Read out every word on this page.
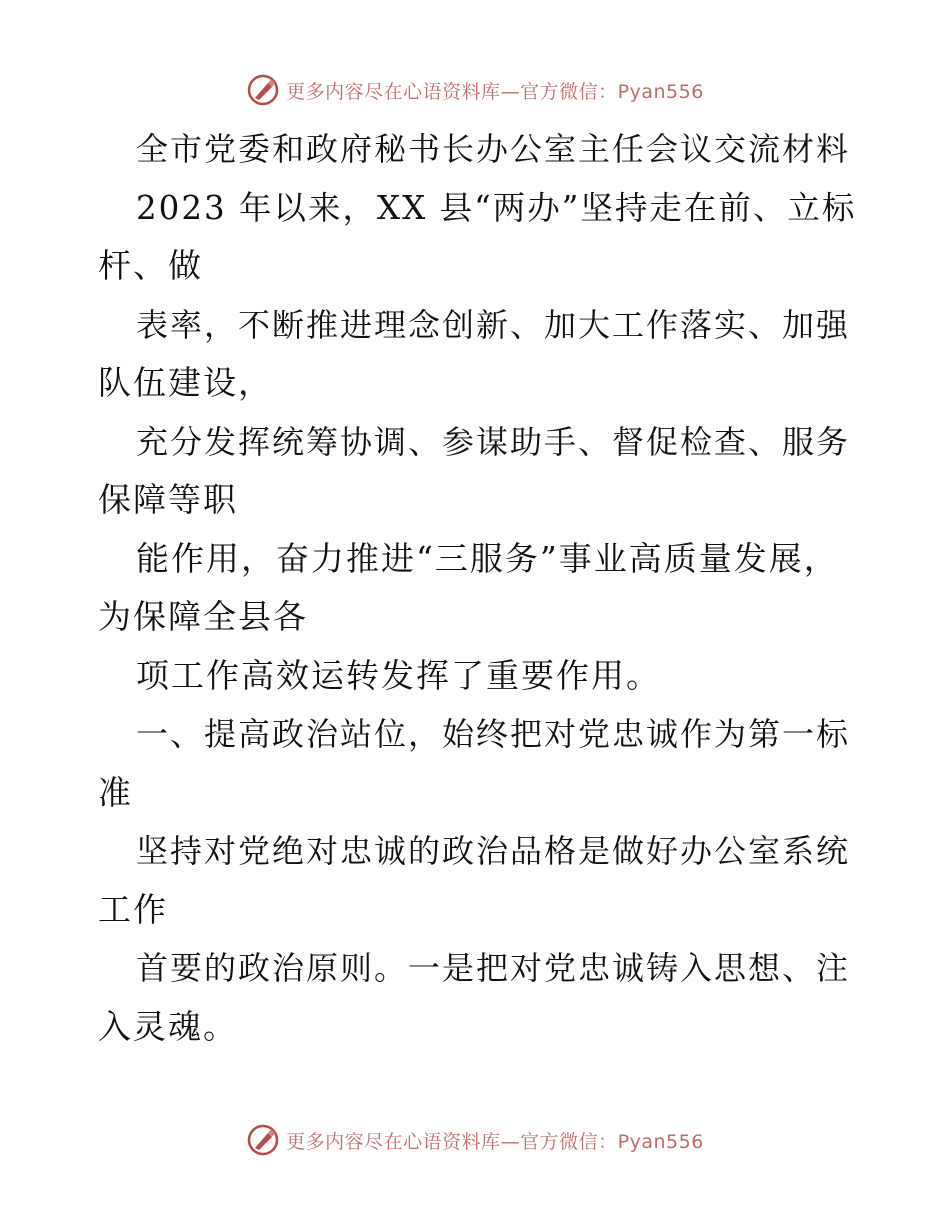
更多内容尽在心语资料库—官方微信：Pyan556
全市党委和政府秘书长办公室主任会议交流材料
2023 年以来，XX 县“两办”坚持走在前、立标
杆、做
表率，不断推进理念创新、加大工作落实、加强
队伍建设，
充分发挥统筹协调、参谋助手、督促检查、服务
保障等职
能作用，奋力推进“三服务”事业高质量发展，
为保障全县各
项工作高效运转发挥了重要作用。
一、提高政治站位，始终把对党忠诚作为第一标
准
坚持对党绝对忠诚的政治品格是做好办公室系统
工作
首要的政治原则。一是把对党忠诚铸入思想、注
入灵魂。
更多内容尽在心语资料库—官方微信：Pyan556
